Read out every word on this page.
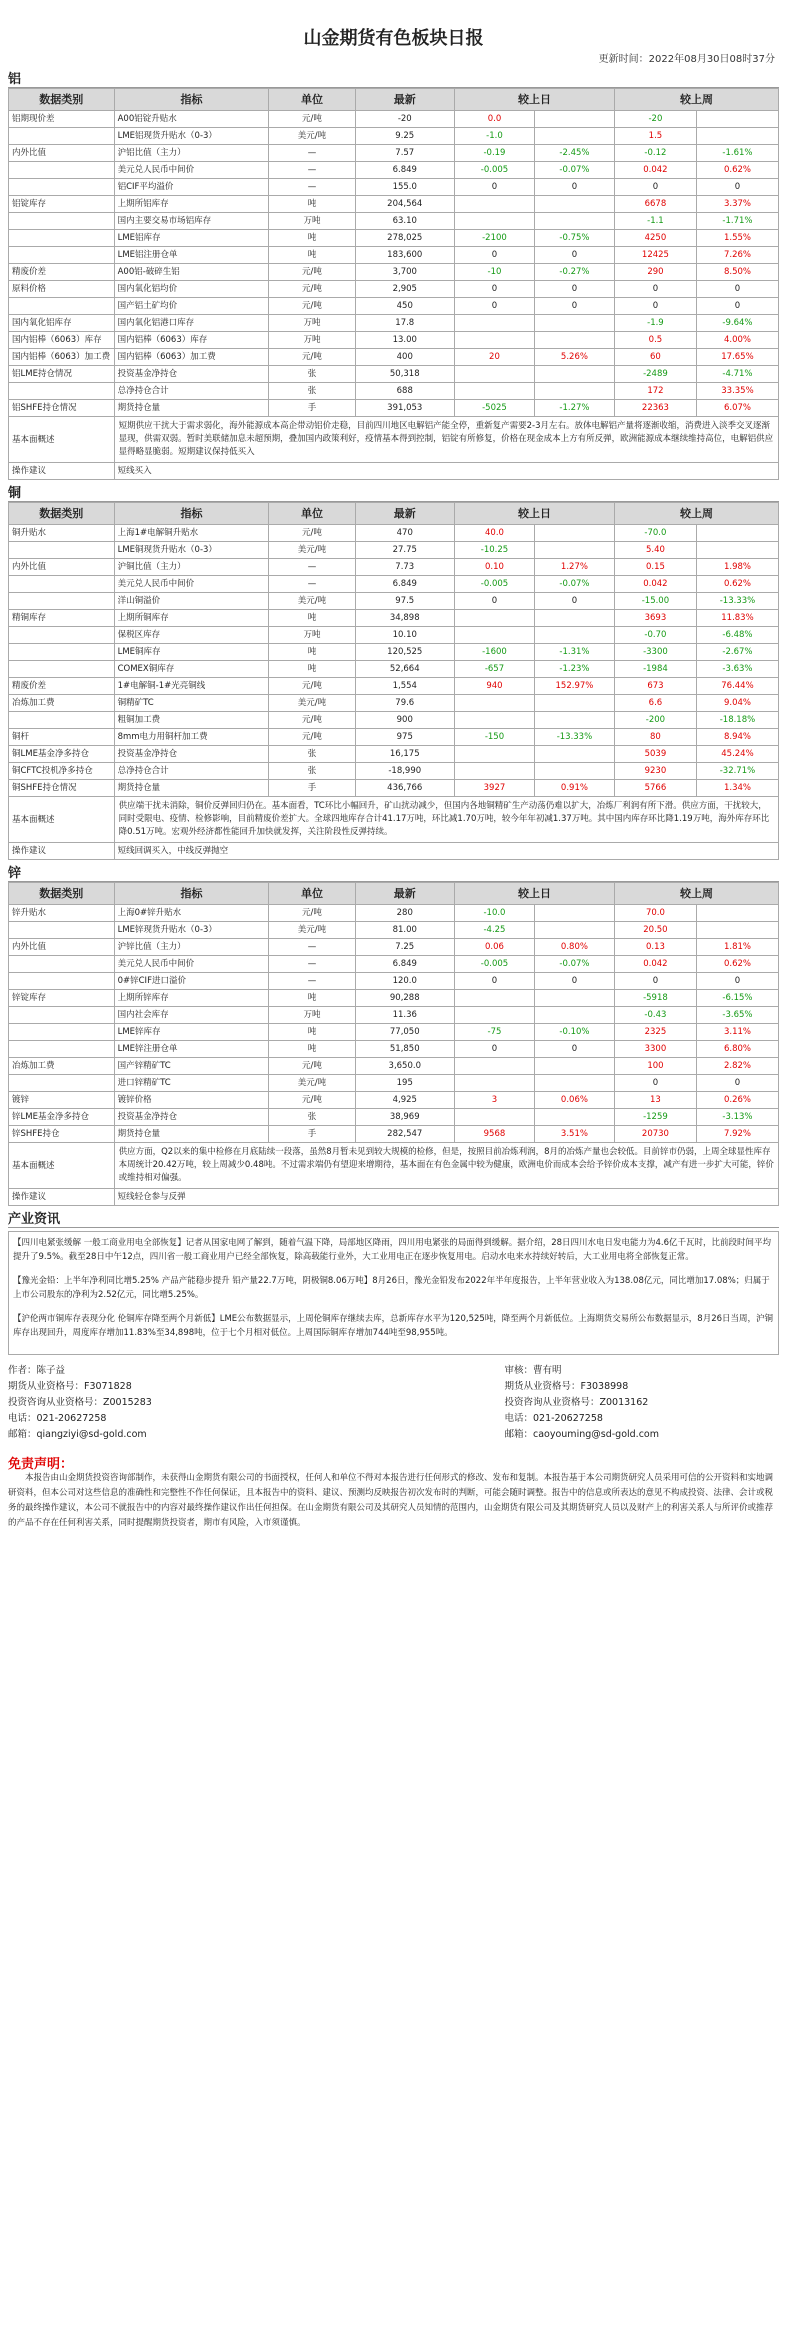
山金期货有色板块日报
更新时间：2022年08月30日08时37分
铝
数据类别	指标	单位	最新	较上日		较上周	
铝期现价差	A00铝锭升贴水	元/吨	-20	0.0		-20	
	LME铝现货升贴水（0-3）	美元/吨	9.25	-1.0		1.5	
内外比值	沪铝比值（主力）	—	7.57	-0.19	-2.45%	-0.12	-1.61%
	美元兑人民币中间价	—	6.849	-0.005	-0.07%	0.042	0.62%
	铝CIF平均溢价	—	155.0	0	0	0	0
铝锭库存	上期所铝库存	吨	204,564			6678	3.37%
	国内主要交易市场铝库存	万吨	63.10			-1.1	-1.71%
	LME铝库存	吨	278,025	-2100	-0.75%	4250	1.55%
	LME铝注册仓单	吨	183,600	0	0	12425	7.26%
精废价差	A00铝-破碎生铝	元/吨	3,700	-10	-0.27%	290	8.50%
原料价格	国内氧化铝均价	元/吨	2,905	0	0	0	0
	国产铝土矿均价	元/吨	450	0	0	0	0
国内氧化铝库存	国内氧化铝港口库存	万吨	17.8			-1.9	-9.64%
国内铝棒（6063）库存	国内铝棒（6063）库存	万吨	13.00			0.5	4.00%
国内铝棒（6063）加工费	国内铝棒（6063）加工费	元/吨	400	20	5.26%	60	17.65%
铝LME持仓情况	投资基金净持仓	张	50,318			-2489	-4.71%
	总净持仓合计	张	688			172	33.35%
铝SHFE持仓情况	期货持仓量	手	391,053	-5025	-1.27%	22363	6.07%
基本面概述	短期供应干扰大于需求弱化，海外能源成本高企带动铝价走稳，目前四川地区电解铝产能全停，重新复产需要2-3月左右。放体电解铝产量将逐渐收缩，消费进入淡季交叉逐渐显现，供需双弱。暂时美联储加息未超预期，叠加国内政策利好，疫情基本得到控制，铝锭有所修复，价格在现金成本上方有所反弹，欧洲能源成本继续维持高位，电解铝供应显得略显脆弱。短期建议保持低买入						
操作建议	短线买入						
铜
数据类别	指标	单位	最新	较上日		较上周	
铜升贴水	上海1#电解铜升贴水	元/吨	470	40.0		-70.0	
	LME铜现货升贴水（0-3）	美元/吨	27.75	-10.25		5.40	
内外比值	沪铜比值（主力）	—	7.73	0.10	1.27%	0.15	1.98%
	美元兑人民币中间价	—	6.849	-0.005	-0.07%	0.042	0.62%
	洋山铜溢价	美元/吨	97.5	0	0	-15.00	-13.33%
精铜库存	上期所铜库存	吨	34,898			3693	11.83%
	保税区库存	万吨	10.10			-0.70	-6.48%
	LME铜库存	吨	120,525	-1600	-1.31%	-3300	-2.67%
	COMEX铜库存	吨	52,664	-657	-1.23%	-1984	-3.63%
精废价差	1#电解铜-1#光亮铜线	元/吨	1,554	940	152.97%	673	76.44%
冶炼加工费	铜精矿TC	美元/吨	79.6			6.6	9.04%
	粗铜加工费	元/吨	900			-200	-18.18%
铜杆	8mm电力用铜杆加工费	元/吨	975	-150	-13.33%	80	8.94%
铜LME基金净多持仓	投资基金净持仓	张	16,175			5039	45.24%
铜CFTC投机净多持仓	总净持仓合计	张	-18,990			9230	-32.71%
铜SHFE持仓情况	期货持仓量	手	436,766	3927	0.91%	5766	1.34%
基本面概述	供应端干扰未消除，铜价反弹回归仍在。基本面看，TC环比小幅回升，矿山扰动减少，但国内各地铜精矿生产动荡仍难以扩大，冶炼厂利润有所下滑。供应方面，干扰较大，同时受限电、疫情、检修影响，目前精废价差扩大。全球四地库存合计41.17万吨，环比减1.70万吨，较今年年初减1.37万吨。其中国内库存环比降1.19万吨，海外库存环比降0.51万吨。宏观外经济都性能回升加快就发挥，关注阶段性反弹持续。						
操作建议	短线回调买入，中线反弹抛空						
锌
数据类别	指标	单位	最新	较上日		较上周	
锌升贴水	上海0#锌升贴水	元/吨	280	-10.0		70.0	
	LME锌现货升贴水（0-3）	美元/吨	81.00	-4.25		20.50	
内外比值	沪锌比值（主力）	—	7.25	0.06	0.80%	0.13	1.81%
	美元兑人民币中间价	—	6.849	-0.005	-0.07%	0.042	0.62%
	0#锌CIF进口溢价	—	120.0	0	0	0	0
锌锭库存	上期所锌库存	吨	90,288			-5918	-6.15%
	国内社会库存	万吨	11.36			-0.43	-3.65%
	LME锌库存	吨	77,050	-75	-0.10%	2325	3.11%
	LME锌注册仓单	吨	51,850	0	0	3300	6.80%
冶炼加工费	国产锌精矿TC	元/吨	3,650.0			100	2.82%
	进口锌精矿TC	美元/吨	195			0	0
镀锌	镀锌价格	元/吨	4,925	3	0.06%	13	0.26%
锌LME基金净多持仓	投资基金净持仓	张	38,969			-1259	-3.13%
锌SHFE持仓	期货持仓量	手	282,547	9568	3.51%	20730	7.92%
基本面概述	供应方面，Q2以来的集中检修在月底陆续一段落，虽然8月暂未见到较大规模的检修，但是，按照目前冶炼利润，8月的冶炼产量也会较低。目前锌市仍弱，上周全球显性库存本周统计20.42万吨，较上周减少0.48吨。不过需求端仍有望迎来增期待，基本面在有色金属中较为健康，欧洲电价而成本会给予锌价成本支撑，减产有进一步扩大可能，锌价或维持相对偏强。						
操作建议	短线轻仓参与反弹						
产业资讯

【四川电紧张缓解 一般工商业用电全部恢复】记者从国家电网了解到，随着气温下降，局部地区降雨，四川用电紧张的局面得到缓解。据介绍，28日四川水电日发电能力为4.6亿千瓦时，比前段时间平均提升了9.5%。截至28日中午12点，四川省一般工商业用户已经全部恢复，除高载能行业外，大工业用电正在逐步恢复用电。启动水电来水持续好转后，大工业用电将全部恢复正常。

【豫光金铅：上半年净利同比增5.25% 产品产能稳步提升 铅产量22.7万吨，阴极铜8.06万吨】8月26日，豫光金铅发布2022年半年度报告，上半年营业收入为138.08亿元，同比增加17.08%；归属于上市公司股东的净利为2.52亿元，同比增5.25%。

【沪伦两市铜库存表现分化 伦铜库存降至两个月新低】LME公布数据显示，上周伦铜库存继续去库，总新库存水平为120,525吨，降至两个月新低位。上海期货交易所公布数据显示，8月26日当周，沪铜库存出现回升，周度库存增加11.83%至34,898吨，位于七个月相对低位。上周国际铜库存增加744吨至98,955吨。

作者：陈子益
期货从业资格号：F3071828
投资咨询从业资格号：Z0015283
电话：021-20627258
邮箱：qiangziyi@sd-gold.com
审核：曹有明
期货从业资格号：F3038998
投资咨询从业资格号：Z0013162
电话：021-20627258
邮箱：caoyouming@sd-gold.com
免责声明：
本报告由山金期货投资咨询部制作，未获得山金期货有限公司的书面授权，任何人和单位不得对本报告进行任何形式的修改、发布和复制。本报告基于本公司期货研究人员采用可信的公开资料和实地调研资料，但本公司对这些信息的准确性和完整性不作任何保证，且本报告中的资料、建议、预测均反映报告初次发布时的判断，可能会随时调整。报告中的信息或所表达的意见不构成投资、法律、会计或税务的最终操作建议，本公司不就报告中的内容对最终操作建议作出任何担保。在山金期货有限公司及其研究人员知情的范围内，山金期货有限公司及其期货研究人员以及财产上的利害关系人与所评价或推荐的产品不存在任何利害关系，同时提醒期货投资者，期市有风险，入市须谨慎。
